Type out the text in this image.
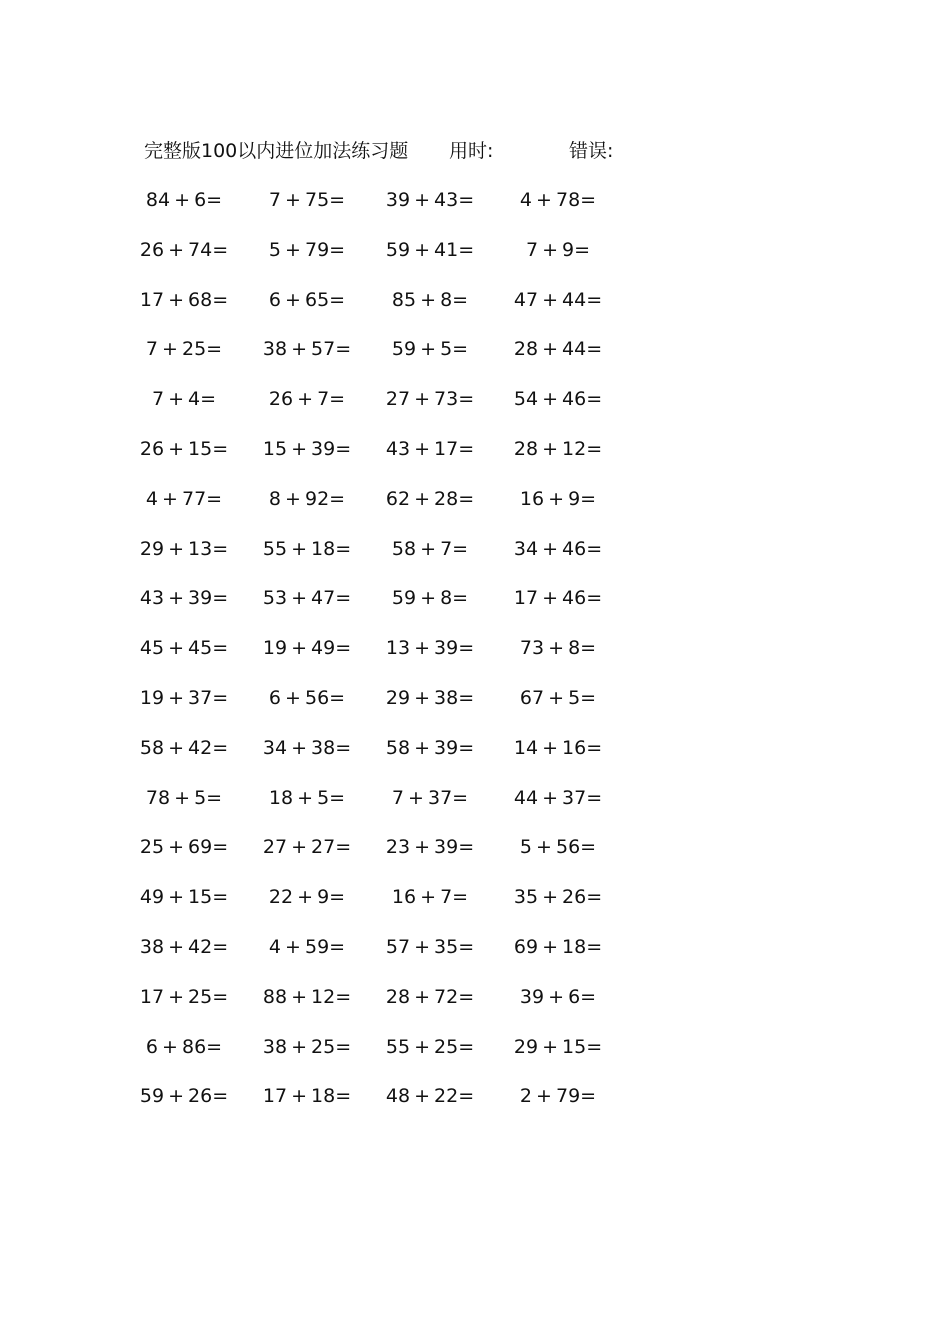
完整版100以内进位加法练习题 用时:	错误:
84 + 6=	7 + 75=	39 + 43=	4 + 78=
26 + 74=	5 + 79=	59 + 41=	7 + 9=
17 + 68=	6 + 65=	85 + 8=	47 + 44=
7 + 25=	38 + 57=	59 + 5=	28 + 44=
7 + 4=	26 + 7=	27 + 73=	54 + 46=
26 + 15=	15 + 39=	43 + 17=	28 + 12=
4 + 77=	8 + 92=	62 + 28=	16 + 9=
29 + 13=	55 + 18=	58 + 7=	34 + 46=
43 + 39=	53 + 47=	59 + 8=	17 + 46=
45 + 45=	19 + 49=	13 + 39=	73 + 8=
19 + 37=	6 + 56=	29 + 38=	67 + 5=
58 + 42=	34 + 38=	58 + 39=	14 + 16=
78 + 5=	18 + 5=	7 + 37=	44 + 37=
25 + 69=	27 + 27=	23 + 39=	5 + 56=
49 + 15=	22 + 9=	16 + 7=	35 + 26=
38 + 42=	4 + 59=	57 + 35=	69 + 18=
17 + 25=	88 + 12=	28 + 72=	39 + 6=
6 + 86=	38 + 25=	55 + 25=	29 + 15=
59 + 26=	17 + 18=	48 + 22=	2 + 79=
